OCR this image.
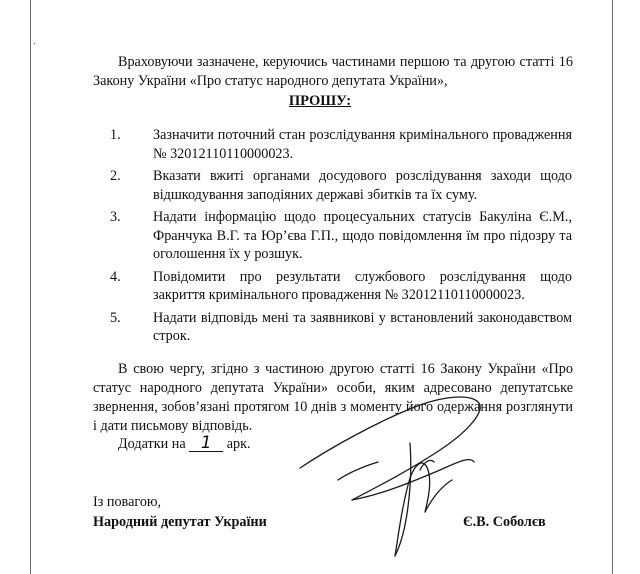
˙

Враховуючи зазначене, керуючись частинами першою та другою статті 16 Закону України «Про статус народного депутата України»,

ПРОШУ:
1. Зазначити поточний стан розслідування кримінального провадження № 32012110110000023.
2. Вказати вжиті органами досудового розслідування заходи щодо відшкодування заподіяних державі збитків та їх суму.
3. Надати інформацію щодо процесуальних статусів Бакуліна Є.М., Франчука В.Г. та Юр’єва Г.П., щодо повідомлення їм про підозру та оголошення їх у розшук.
4. Повідомити про результати службового розслідування щодо закриття кримінального провадження № 32012110110000023.
5. Надати відповідь мені та заявникові у встановлений законодавством строк.

В свою чергу, згідно з частиною другою статті 16 Закону України «Про статус народного депутата України» особи, яким адресовано депутатське звернення, зобов’язані протягом 10 днів з моменту його одержання розглянути і дати письмову відповідь.

Додатки на 1 арк.
Із повагою,
Народний депутат України	Є.В. Соболєв
